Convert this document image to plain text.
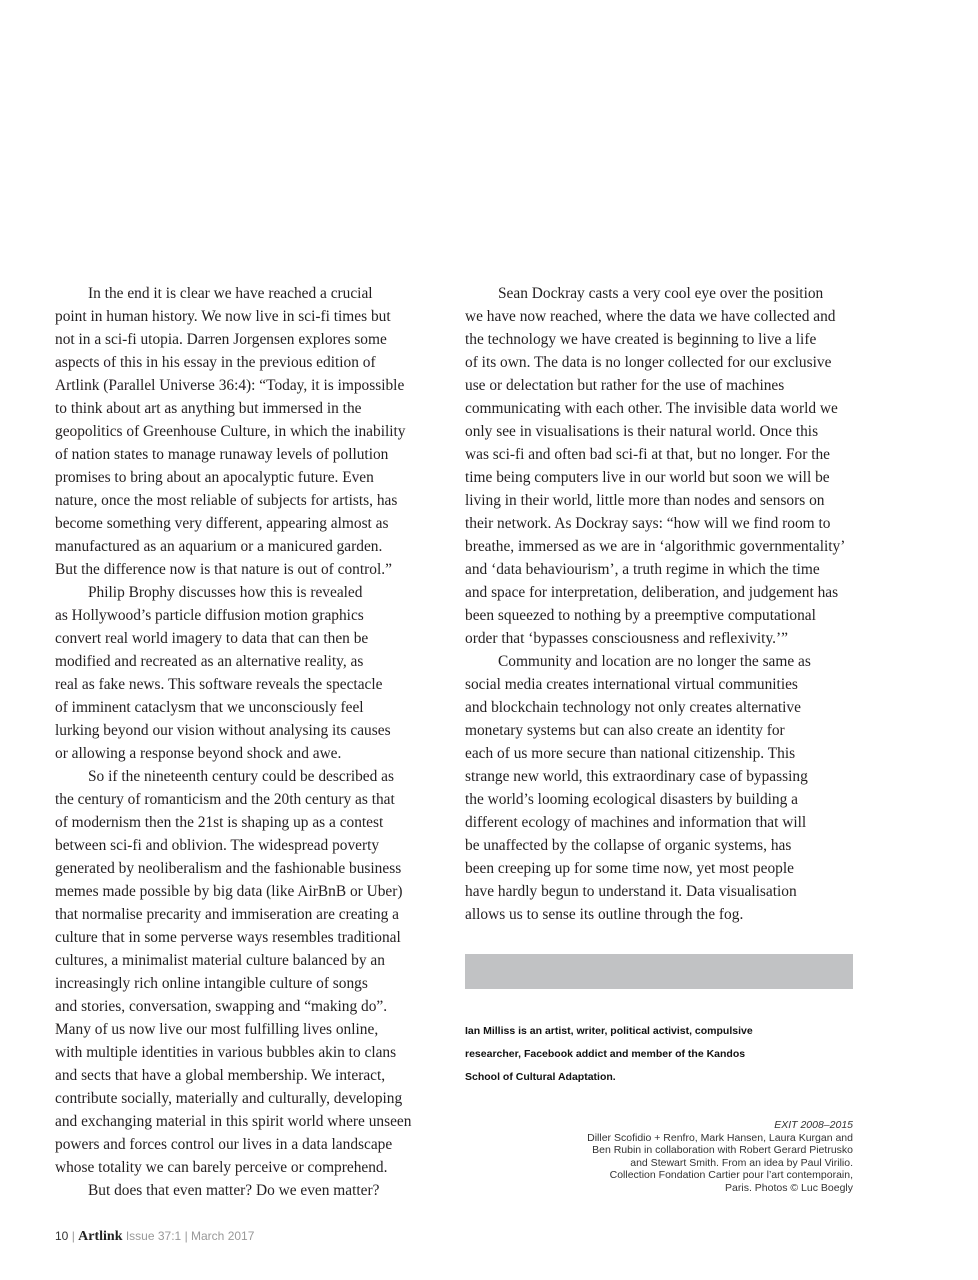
In the end it is clear we have reached a crucial
point in human history. We now live in sci-fi times but
not in a sci-fi utopia. Darren Jorgensen explores some
aspects of this in his essay in the previous edition of
Artlink (Parallel Universe 36:4): “Today, it is impossible
to think about art as anything but immersed in the
geopolitics of Greenhouse Culture, in which the inability
of nation states to manage runaway levels of pollution
promises to bring about an apocalyptic future. Even
nature, once the most reliable of subjects for artists, has
become something very different, appearing almost as
manufactured as an aquarium or a manicured garden.
But the difference now is that nature is out of control.”
Philip Brophy discusses how this is revealed
as Hollywood’s particle diffusion motion graphics
convert real world imagery to data that can then be
modified and recreated as an alternative reality, as
real as fake news. This software reveals the spectacle
of imminent cataclysm that we unconsciously feel
lurking beyond our vision without analysing its causes
or allowing a response beyond shock and awe.
So if the nineteenth century could be described as
the century of romanticism and the 20th century as that
of modernism then the 21st is shaping up as a contest
between sci-fi and oblivion. The widespread poverty
generated by neoliberalism and the fashionable business
memes made possible by big data (like AirBnB or Uber)
that normalise precarity and immiseration are creating a
culture that in some perverse ways resembles traditional
cultures, a minimalist material culture balanced by an
increasingly rich online intangible culture of songs
and stories, conversation, swapping and “making do”.
Many of us now live our most fulfilling lives online,
with multiple identities in various bubbles akin to clans
and sects that have a global membership. We interact,
contribute socially, materially and culturally, developing
and exchanging material in this spirit world where unseen
powers and forces control our lives in a data landscape
whose totality we can barely perceive or comprehend.
But does that even matter? Do we even matter?
Sean Dockray casts a very cool eye over the position
we have now reached, where the data we have collected and
the technology we have created is beginning to live a life
of its own. The data is no longer collected for our exclusive
use or delectation but rather for the use of machines
communicating with each other. The invisible data world we
only see in visualisations is their natural world. Once this
was sci-fi and often bad sci-fi at that, but no longer. For the
time being computers live in our world but soon we will be
living in their world, little more than nodes and sensors on
their network. As Dockray says: “how will we find room to
breathe, immersed as we are in ‘algorithmic governmentality’
and ‘data behaviourism’, a truth regime in which the time
and space for interpretation, deliberation, and judgement has
been squeezed to nothing by a preemptive computational
order that ‘bypasses consciousness and reflexivity.’”
Community and location are no longer the same as
social media creates international virtual communities
and blockchain technology not only creates alternative
monetary systems but can also create an identity for
each of us more secure than national citizenship. This
strange new world, this extraordinary case of bypassing
the world’s looming ecological disasters by building a
different ecology of machines and information that will
be unaffected by the collapse of organic systems, has
been creeping up for some time now, yet most people
have hardly begun to understand it. Data visualisation
allows us to sense its outline through the fog.
Ian Milliss is an artist, writer, political activist, compulsive
researcher, Facebook addict and member of the Kandos
School of Cultural Adaptation.
EXIT 2008–2015
Diller Scofidio + Renfro, Mark Hansen, Laura Kurgan and
Ben Rubin in collaboration with Robert Gerard Pietrusko
and Stewart Smith. From an idea by Paul Virilio.
Collection Fondation Cartier pour l’art contemporain,
Paris. Photos © Luc Boegly
10 | Artlink Issue 37:1 | March 2017
